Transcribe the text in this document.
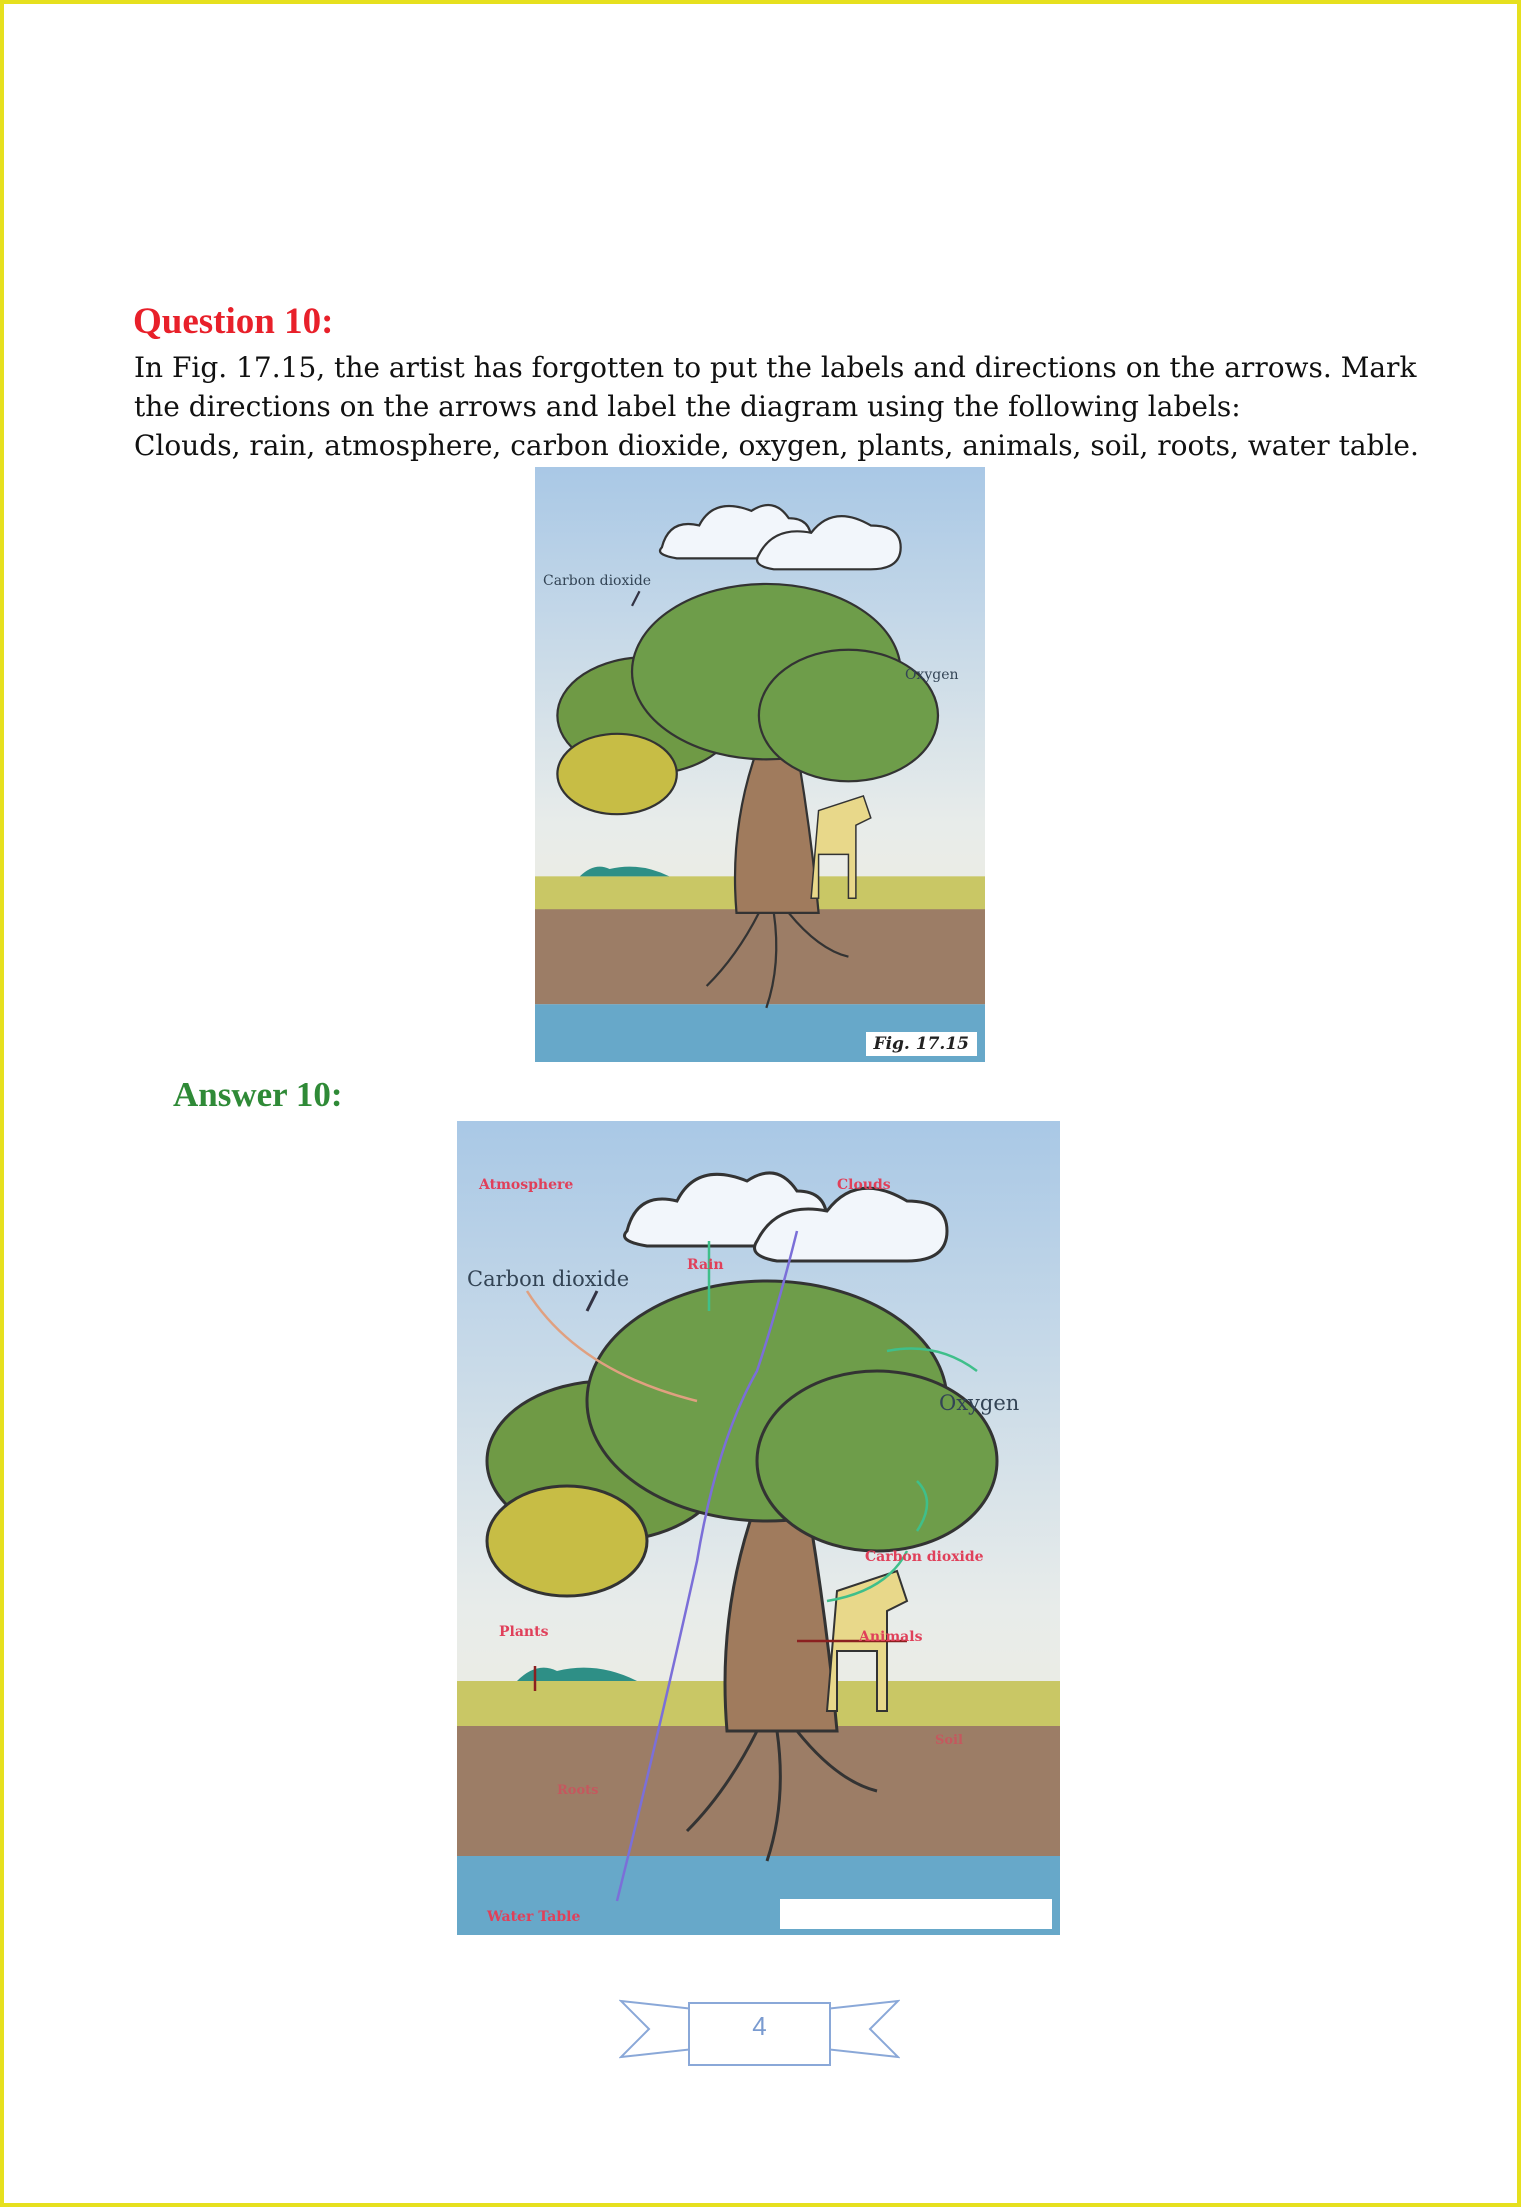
Question 10:
In Fig. 17.15, the artist has forgotten to put the labels and directions on the arrows. Mark
the directions on the arrows and label the diagram using the following labels:
Clouds, rain, atmosphere, carbon dioxide, oxygen, plants, animals, soil, roots, water table.
Carbon dioxide
Oxygen
Fig. 17.15
Answer 10:
Atmosphere	Clouds
Rain
Carbon dioxide
Oxygen
Carbon dioxide
Plants	Animals
Soil
Roots
Water Table
4
